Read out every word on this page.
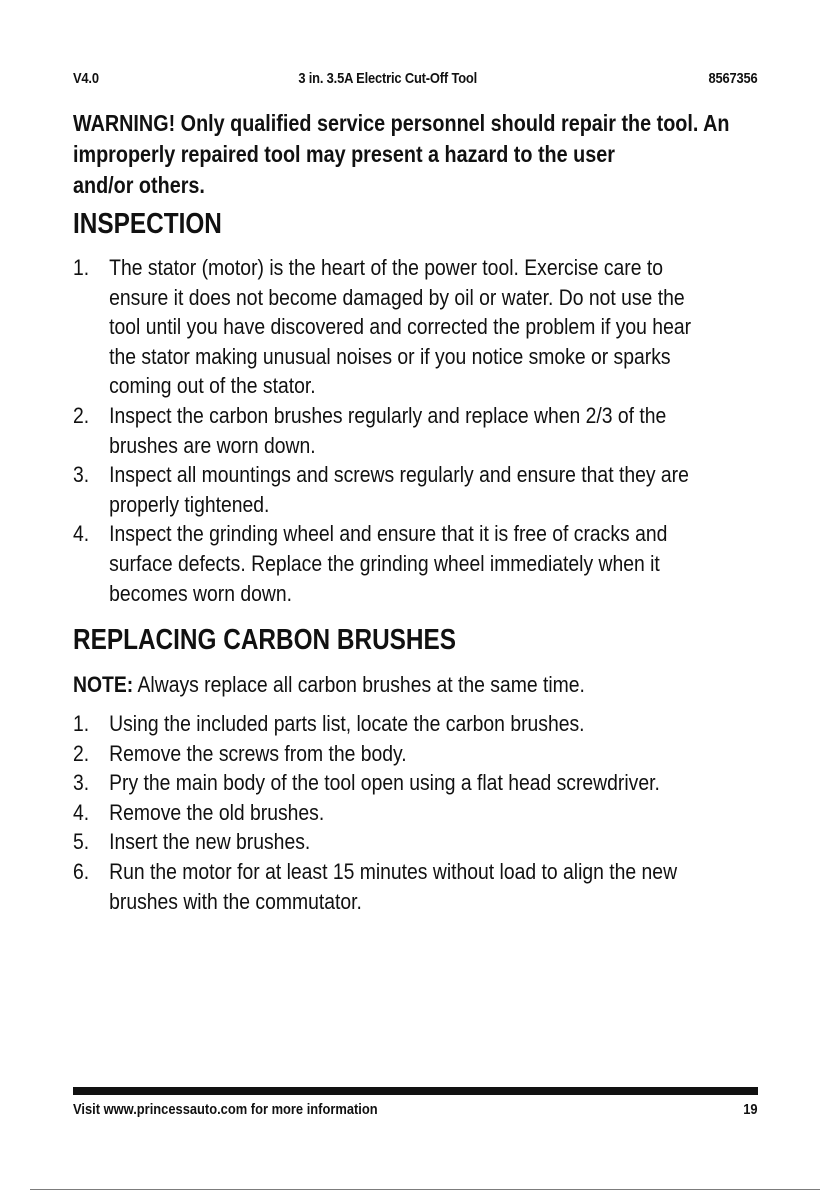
V4.0	3 in. 3.5A Electric Cut-Off Tool	8567356
WARNING! Only qualified service personnel should repair the tool. An
improperly repaired tool may present a hazard to the user
and/or others.
INSPECTION
1. The stator (motor) is the heart of the power tool. Exercise care to
ensure it does not become damaged by oil or water. Do not use the
tool until you have discovered and corrected the problem if you hear
the stator making unusual noises or if you notice smoke or sparks
coming out of the stator.
2. Inspect the carbon brushes regularly and replace when 2/3 of the
brushes are worn down.
3. Inspect all mountings and screws regularly and ensure that they are
properly tightened.
4. Inspect the grinding wheel and ensure that it is free of cracks and
surface defects. Replace the grinding wheel immediately when it
becomes worn down.
REPLACING CARBON BRUSHES
NOTE: Always replace all carbon brushes at the same time.
1. Using the included parts list, locate the carbon brushes.
2. Remove the screws from the body.
3. Pry the main body of the tool open using a flat head screwdriver.
4. Remove the old brushes.
5. Insert the new brushes.
6. Run the motor for at least 15 minutes without load to align the new
brushes with the commutator.
Visit www.princessauto.com for more information	19
